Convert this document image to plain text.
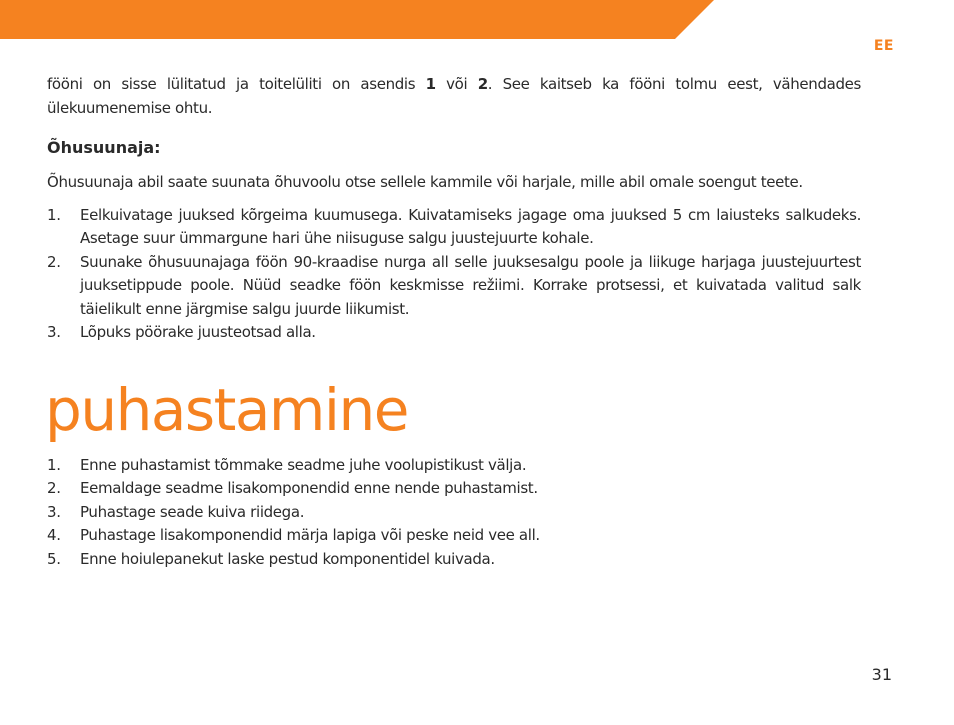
EE

fööni on sisse lülitatud ja toitelüliti on asendis 1 või 2. See kaitseb ka fööni tolmu eest, vähendades ülekuumenemise ohtu.

Õhusuunaja:

Õhusuunaja abil saate suunata õhuvoolu otse sellele kammile või harjale, mille abil omale soengut teete.

1. Eelkuivatage juuksed kõrgeima kuumusega. Kuivatamiseks jagage oma juuksed 5 cm laiusteks salkudeks. Asetage suur ümmargune hari ühe niisuguse salgu juustejuurte kohale.
2. Suunake õhusuunajaga föön 90-kraadise nurga all selle juuksesalgu poole ja liikuge harjaga juustejuurtest juuksetippude poole. Nüüd seadke föön keskmisse režiimi. Korrake protsessi, et kuivatada valitud salk täielikult enne järgmise salgu juurde liikumist.
3. Lõpuks pöörake juusteotsad alla.
puhastamine
1. Enne puhastamist tõmmake seadme juhe voolupistikust välja.
2. Eemaldage seadme lisakomponendid enne nende puhastamist.
3. Puhastage seade kuiva riidega.
4. Puhastage lisakomponendid märja lapiga või peske neid vee all.
5. Enne hoiulepanekut laske pestud komponentidel kuivada.
31
